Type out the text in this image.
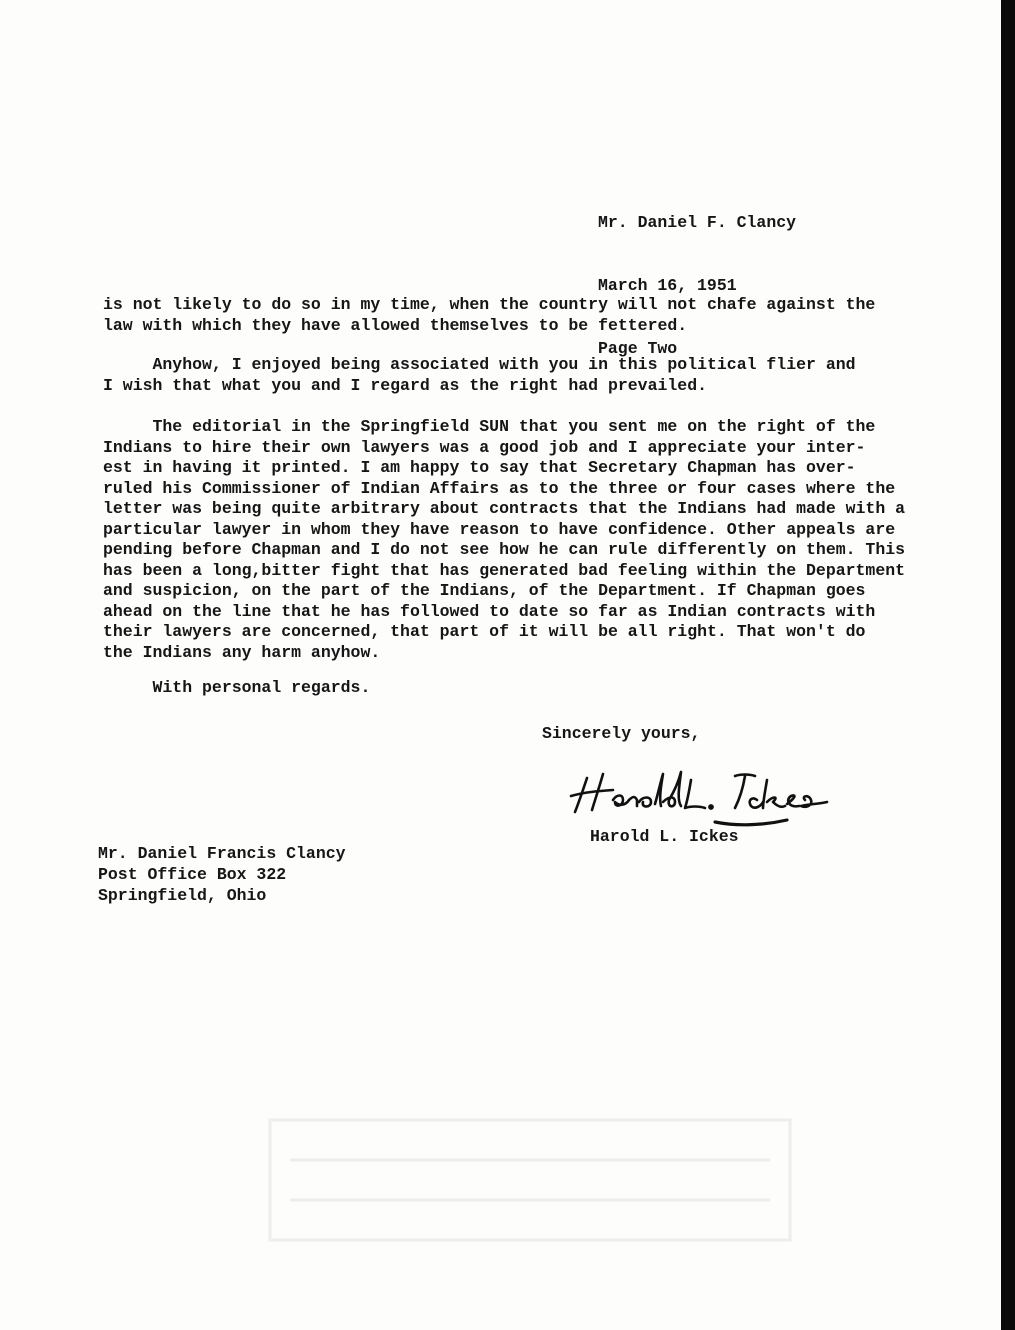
Mr. Daniel F. Clancy

March 16, 1951

Page Two

is not likely to do so in my time, when the country will not chafe against the
law with which they have allowed themselves to be fettered.
Anyhow, I enjoyed being associated with you in this political flier and
I wish that what you and I regard as the right had prevailed.
The editorial in the Springfield SUN that you sent me on the right of the
Indians to hire their own lawyers was a good job and I appreciate your inter-
est in having it printed. I am happy to say that Secretary Chapman has over-
ruled his Commissioner of Indian Affairs as to the three or four cases where the
letter was being quite arbitrary about contracts that the Indians had made with a
particular lawyer in whom they have reason to have confidence. Other appeals are
pending before Chapman and I do not see how he can rule differently on them. This
has been a long,bitter fight that has generated bad feeling within the Department
and suspicion, on the part of the Indians, of the Department. If Chapman goes
ahead on the line that he has followed to date so far as Indian contracts with
their lawyers are concerned, that part of it will be all right. That won't do
the Indians any harm anyhow.
With personal regards.
Sincerely yours,
Harold L. Ickes
Mr. Daniel Francis Clancy
Post Office Box 322
Springfield, Ohio
